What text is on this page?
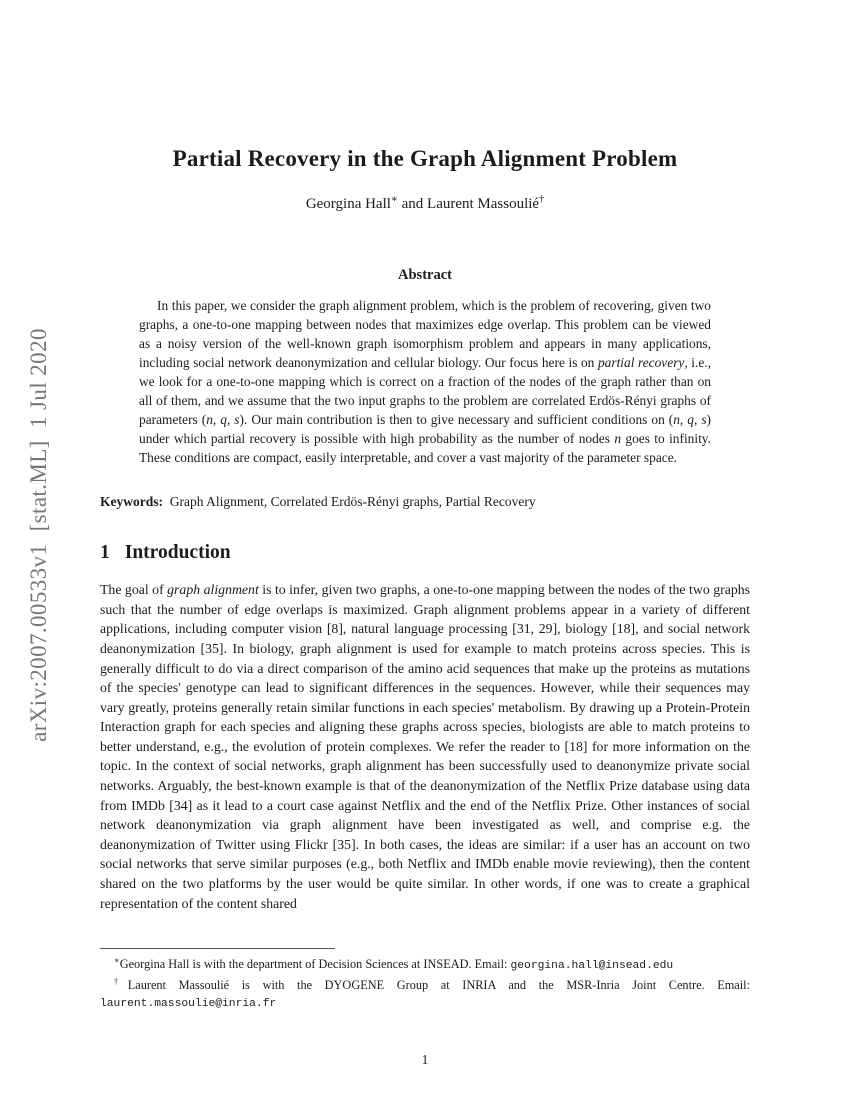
arXiv:2007.00533v1  [stat.ML]  1 Jul 2020
Partial Recovery in the Graph Alignment Problem
Georgina Hall∗ and Laurent Massoulié†
Abstract

In this paper, we consider the graph alignment problem, which is the problem of recovering, given two graphs, a one-to-one mapping between nodes that maximizes edge overlap. This problem can be viewed as a noisy version of the well-known graph isomorphism problem and appears in many applications, including social network deanonymization and cellular biology. Our focus here is on partial recovery, i.e., we look for a one-to-one mapping which is correct on a fraction of the nodes of the graph rather than on all of them, and we assume that the two input graphs to the problem are correlated Erdös-Rényi graphs of parameters (n, q, s). Our main contribution is then to give necessary and sufficient conditions on (n, q, s) under which partial recovery is possible with high probability as the number of nodes n goes to infinity. These conditions are compact, easily interpretable, and cover a vast majority of the parameter space.

Keywords: Graph Alignment, Correlated Erdös-Rényi graphs, Partial Recovery

1 Introduction

The goal of graph alignment is to infer, given two graphs, a one-to-one mapping between the nodes of the two graphs such that the number of edge overlaps is maximized. Graph alignment problems appear in a variety of different applications, including computer vision [8], natural language processing [31, 29], biology [18], and social network deanonymization [35]. In biology, graph alignment is used for example to match proteins across species. This is generally difficult to do via a direct comparison of the amino acid sequences that make up the proteins as mutations of the species' genotype can lead to significant differences in the sequences. However, while their sequences may vary greatly, proteins generally retain similar functions in each species' metabolism. By drawing up a Protein-Protein Interaction graph for each species and aligning these graphs across species, biologists are able to match proteins to better understand, e.g., the evolution of protein complexes. We refer the reader to [18] for more information on the topic. In the context of social networks, graph alignment has been successfully used to deanonymize private social networks. Arguably, the best-known example is that of the deanonymization of the Netflix Prize database using data from IMDb [34] as it lead to a court case against Netflix and the end of the Netflix Prize. Other instances of social network deanonymization via graph alignment have been investigated as well, and comprise e.g. the deanonymization of Twitter using Flickr [35]. In both cases, the ideas are similar: if a user has an account on two social networks that serve similar purposes (e.g., both Netflix and IMDb enable movie reviewing), then the content shared on the two platforms by the user would be quite similar. In other words, if one was to create a graphical representation of the content shared

∗Georgina Hall is with the department of Decision Sciences at INSEAD. Email: georgina.hall@insead.edu

†Laurent Massoulié is with the DYOGENE Group at INRIA and the MSR-Inria Joint Centre. Email: laurent.massoulie@inria.fr

1
